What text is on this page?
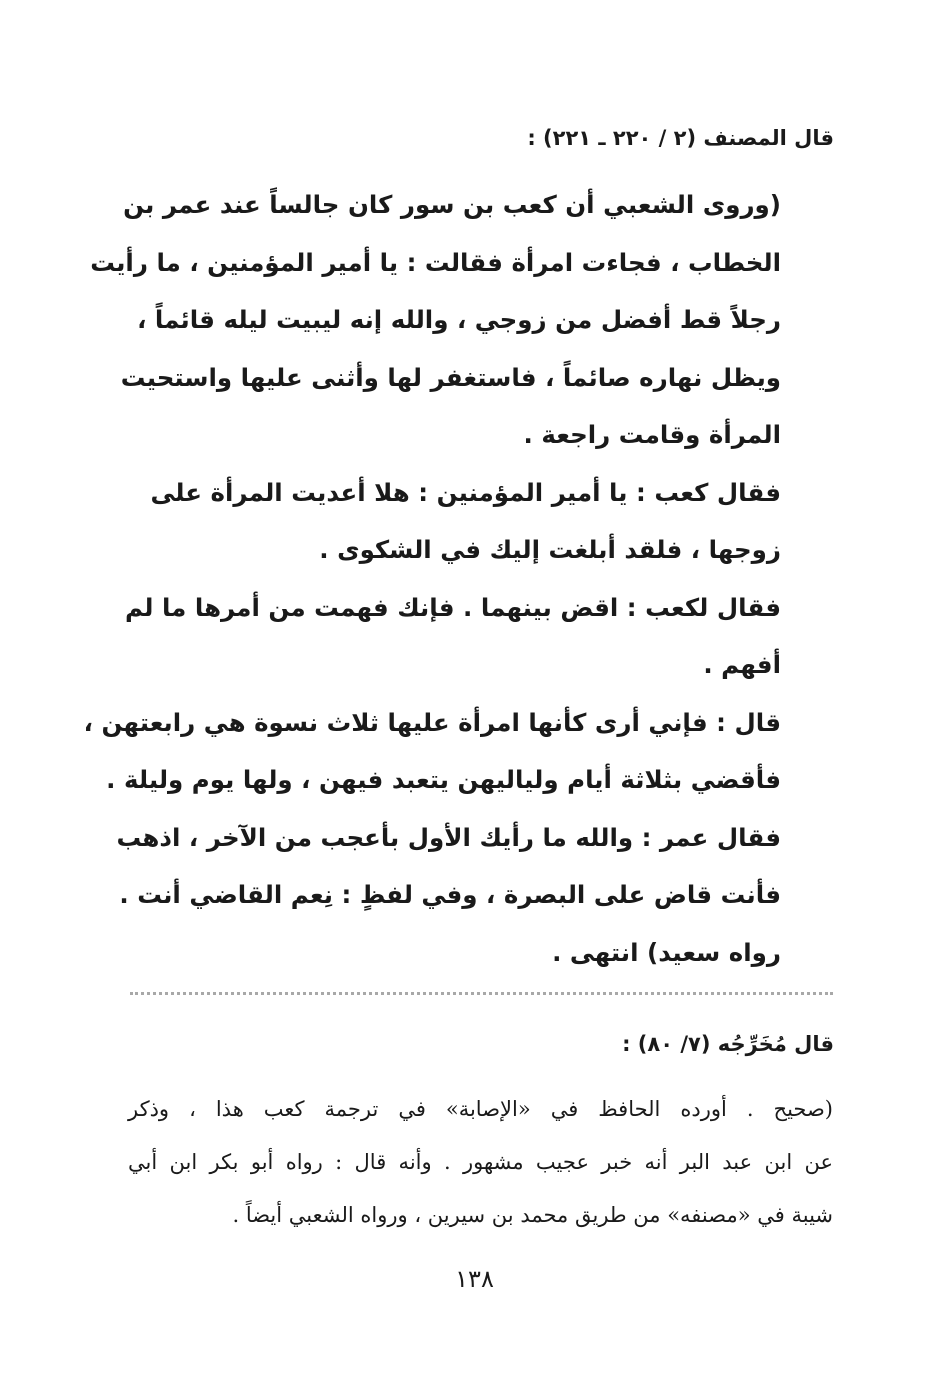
قال المصنف (٢ / ٢٢٠ ـ ٢٢١) :
(وروى الشعبي أن كعب بن سور كان جالساً عند عمر بن
الخطاب ، فجاءت امرأة فقالت : يا أمير المؤمنين ، ما رأيت
رجلاً قط أفضل من زوجي ، والله إنه ليبيت ليله قائماً ،
ويظل نهاره صائماً ، فاستغفر لها وأثنى عليها واستحيت
المرأة وقامت راجعة .
فقال كعب : يا أمير المؤمنين : هلا أعديت المرأة على
زوجها ، فلقد أبلغت إليك في الشكوى .
فقال لكعب : اقض بينهما . فإنك فهمت من أمرها ما لم
أفهم .
قال : فإني أرى كأنها امرأة عليها ثلاث نسوة هي رابعتهن ،
فأقضي بثلاثة أيام ولياليهن يتعبد فيهن ، ولها يوم وليلة .
فقال عمر : والله ما رأيك الأول بأعجب من الآخر ، اذهب
فأنت قاض على البصرة ، وفي لفظٍ : نِعم القاضي أنت .
رواه سعيد) انتهى .
قال مُخَرِّجُه (٧/ ٨٠) :
(صحيح . أورده الحافظ في «الإصابة» في ترجمة كعب هذا ، وذكر
عن ابن عبد البر أنه خبر عجيب مشهور . وأنه قال : رواه أبو بكر ابن أبي
شيبة في «مصنفه» من طريق محمد بن سيرين ، ورواه الشعبي أيضاً .
١٣٨
